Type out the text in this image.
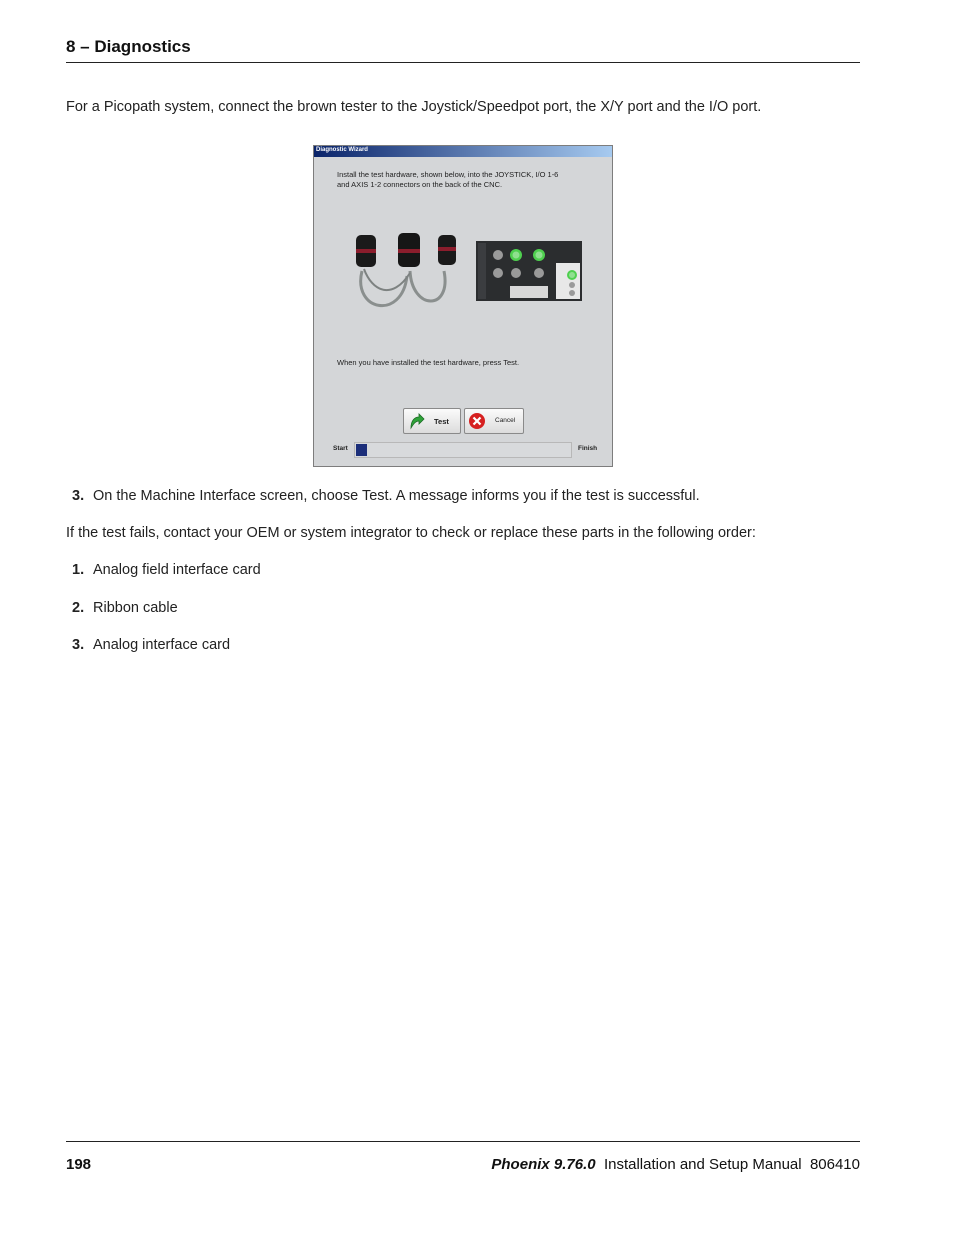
8 – Diagnostics
For a Picopath system, connect the brown tester to the Joystick/Speedpot port, the X/Y port and the I/O port.
Diagnostic Wizard
Install the test hardware, shown below, into the JOYSTICK, I/O 1-6
and AXIS 1-2 connectors on the back of the CNC.
When you have installed the test hardware, press Test.
Test	Cancel
Start	Finish
3. On the Machine Interface screen, choose Test. A message informs you if the test is successful.
If the test fails, contact your OEM or system integrator to check or replace these parts in the following order:
1. Analog field interface card
2. Ribbon cable
3. Analog interface card
198	Phoenix 9.76.0 Installation and Setup Manual 806410
